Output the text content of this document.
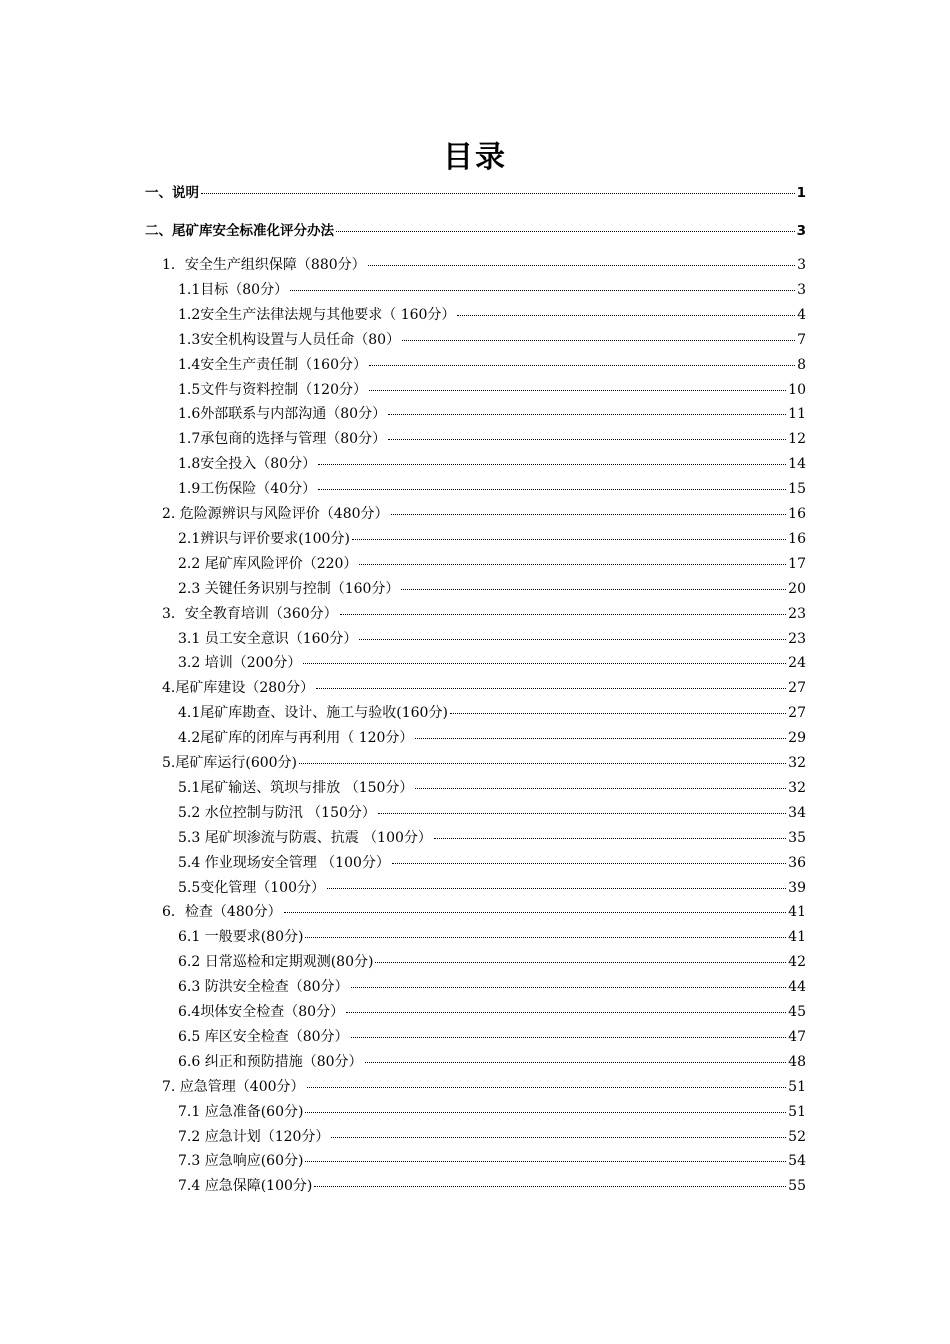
目录
一、说明	1
二、尾矿库安全标准化评分办法	3
1．安全生产组织保障（880分）	3
1.1目标（80分）	3
1.2安全生产法律法规与其他要求（ 160分）	4
1.3安全机构设置与人员任命（80）	7
1.4安全生产责任制（160分）	8
1.5文件与资料控制（120分）	10
1.6外部联系与内部沟通（80分）	11
1.7承包商的选择与管理（80分）	12
1.8安全投入（80分）	14
1.9工伤保险（40分）	15
2. 危险源辨识与风险评价（480分）	16
2.1辨识与评价要求(100分)	16
2.2 尾矿库风险评价（220）	17
2.3 关键任务识别与控制（160分）	20
3．安全教育培训（360分）	23
3.1 员工安全意识（160分）	23
3.2 培训（200分）	24
4.尾矿库建设（280分）	27
4.1尾矿库勘查、设计、施工与验收(160分)	27
4.2尾矿库的闭库与再利用（ 120分）	29
5.尾矿库运行(600分)	32
5.1尾矿输送、筑坝与排放 （150分）	32
5.2 水位控制与防汛 （150分）	34
5.3 尾矿坝渗流与防震、抗震 （100分）	35
5.4 作业现场安全管理 （100分）	36
5.5变化管理（100分）	39
6．检查（480分）	41
6.1 一般要求(80分)	41
6.2 日常巡检和定期观测(80分)	42
6.3 防洪安全检查（80分）	44
6.4坝体安全检查（80分）	45
6.5 库区安全检查（80分）	47
6.6 纠正和预防措施（80分）	48
7. 应急管理（400分）	51
7.1 应急准备(60分)	51
7.2 应急计划（120分）	52
7.3 应急响应(60分)	54
7.4 应急保障(100分)	55
